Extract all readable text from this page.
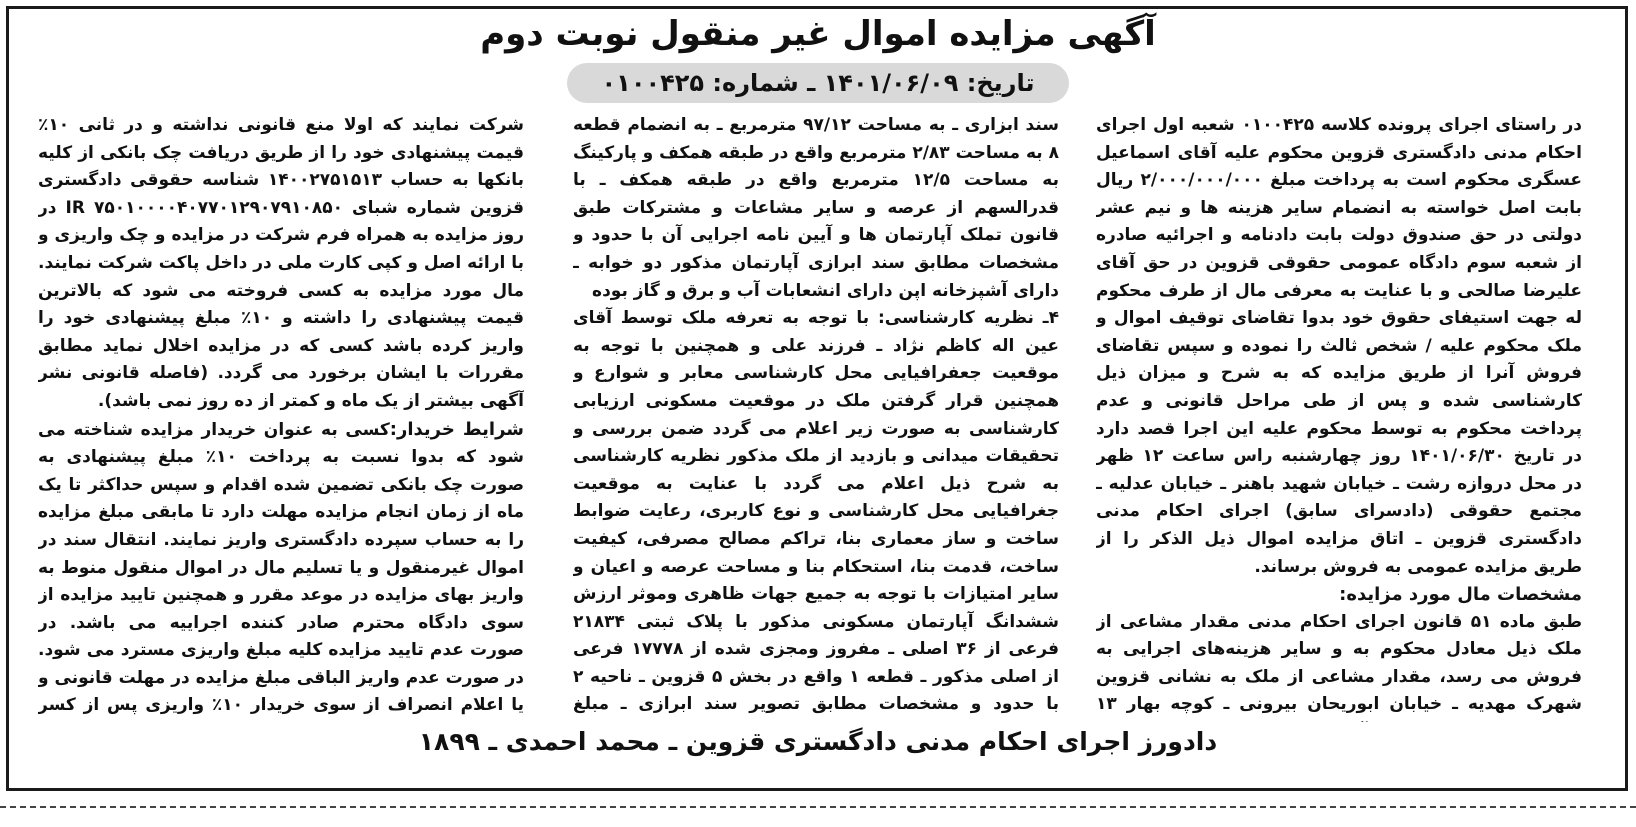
آگهی مزایده اموال غیر منقول نوبت دوم
تاریخ: ۱۴۰۱/۰۶/۰۹ ـ شماره: ۰۱۰۰۴۲۵

در راستای اجرای پرونده کلاسه ۰۱۰۰۴۲۵ شعبه اول اجرای احکام مدنی دادگستری قزوین محکوم علیه آقای اسماعیل عسگری محکوم است به پرداخت مبلغ ۲/۰۰۰/۰۰۰/۰۰۰ ریال بابت اصل خواسته به انضمام سایر هزینه ها و نیم عشر دولتی در حق صندوق دولت بابت دادنامه و اجرائیه صادره از شعبه سوم دادگاه عمومی حقوقی قزوین در حق آقای علیرضا صالحی و با عنایت به معرفی مال از طرف محکوم له جهت استیفای حقوق خود بدوا تقاضای توقیف اموال و ملک محکوم علیه / شخص ثالث را نموده و سپس تقاضای فروش آنرا از طریق مزایده که به شرح و میزان ذیل کارشناسی شده و پس از طی مراحل قانونی و عدم پرداخت محکوم به توسط محکوم علیه این اجرا قصد دارد در تاریخ ۱۴۰۱/۰۶/۳۰ روز چهارشنبه راس ساعت ۱۲ ظهر در محل دروازه رشت ـ خیابان شهید باهنر ـ خیابان عدلیه ـ مجتمع حقوقی (دادسرای سابق) اجرای احکام مدنی دادگستری قزوین ـ اتاق مزایده اموال ذیل الذکر را از طریق مزایده عمومی به فروش برساند.

مشخصات مال مورد مزایده:

طبق ماده ۵۱ قانون اجرای احکام مدنی مقدار مشاعی از ملک ذیل معادل محکوم به و سایر هزینه‌های اجرایی به فروش می رسد، مقدار مشاعی از ملک به نشانی قزوین شهرک مهدیه ـ خیابان ابوریحان بیرونی ـ کوچه بهار ۱۳

سند ابزاری ـ به مساحت ۹۷/۱۲ مترمربع ـ به انضمام قطعه ۸ به مساحت ۲/۸۳ مترمربع واقع در طبقه همکف و پارکینگ به مساحت ۱۲/۵ مترمربع واقع در طبقه همکف ـ با قدرالسهم از عرصه و سایر مشاعات و مشترکات طبق قانون تملک آپارتمان ها و آیین نامه اجرایی آن با حدود و مشخصات مطابق سند ابرازی آپارتمان مذکور دو خوابه ـ دارای آشپزخانه اپن دارای انشعابات آب و برق و گاز بوده

۴ـ نظریه کارشناسی: با توجه به تعرفه ملک توسط آقای عین اله کاظم نژاد ـ فرزند علی و همچنین با توجه به موقعیت جعفرافیایی محل کارشناسی معابر و شوارع و همچنین قرار گرفتن ملک در موقعیت مسکونی ارزیابی کارشناسی به صورت زیر اعلام می گردد ضمن بررسی و تحقیقات میدانی و بازدید از ملک مذکور نظریه کارشناسی به شرح ذیل اعلام می گردد با عنایت به موقعیت جغرافیایی محل کارشناسی و نوع کاربری، رعایت ضوابط ساخت و ساز معماری بنا، تراکم مصالح مصرفی، کیفیت ساخت، قدمت بنا، استحکام بنا و مساحت عرصه و اعیان و سایر امتیازات با توجه به جمیع جهات ظاهری وموثر ارزش ششدانگ آپارتمان مسکونی مذکور با پلاک ثبتی ۲۱۸۳۴ فرعی از ۳۶ اصلی ـ مفروز ومجزی شده از ۱۷۷۷۸ فرعی از اصلی مذکور ـ قطعه ۱ واقع در بخش ۵ قزوین ـ ناحیه ۲ با حدود و مشخصات مطابق تصویر سند ابرازی ـ مبلغ

شرکت نمایند که اولا منع قانونی نداشته و در ثانی ۱۰٪ قیمت پیشنهادی خود را از طریق دریافت چک بانکی از کلیه بانکها به حساب ۱۴۰۰۲۷۵۱۵۱۳ شناسه حقوقی دادگستری قزوین شماره شبای IR ۷۵۰۱۰۰۰۰۴۰۷۷۰۱۲۹۰۷۹۱۰۸۵۰ در روز مزایده به همراه فرم شرکت در مزایده و چک واریزی و با ارائه اصل و کپی کارت ملی در داخل پاکت شرکت نمایند. مال مورد مزایده به کسی فروخته می شود که بالاترین قیمت پیشنهادی را داشته و ۱۰٪ مبلغ پیشنهادی خود را واریز کرده باشد کسی که در مزایده اخلال نماید مطابق مقررات با ایشان برخورد می گردد. (فاصله قانونی نشر آگهی بیشتر از یک ماه و کمتر از ده روز نمی باشد).

شرایط خریدار:کسی به عنوان خریدار مزایده شناخته می شود که بدوا نسبت به پرداخت ۱۰٪ مبلغ پیشنهادی به صورت چک بانکی تضمین شده اقدام و سپس حداکثر تا یک ماه از زمان انجام مزایده مهلت دارد تا مابقی مبلغ مزایده را به حساب سپرده دادگستری واریز نمایند. انتقال سند در اموال غیرمنقول و یا تسلیم مال در اموال منقول منوط به واریز بهای مزایده در موعد مقرر و همچنین تایید مزایده از سوی دادگاه محترم صادر کننده اجراییه می باشد. در صورت عدم تایید مزایده کلیه مبلغ واریزی مسترد می شود. در صورت عدم واریز الباقی مبلغ مزایده در مهلت قانونی و یا اعلام انصراف از سوی خریدار ۱۰٪ واریزی پس از کسر

دادورز اجرای احکام مدنی دادگستری قزوین ـ محمد احمدی ـ ۱۸۹۹
